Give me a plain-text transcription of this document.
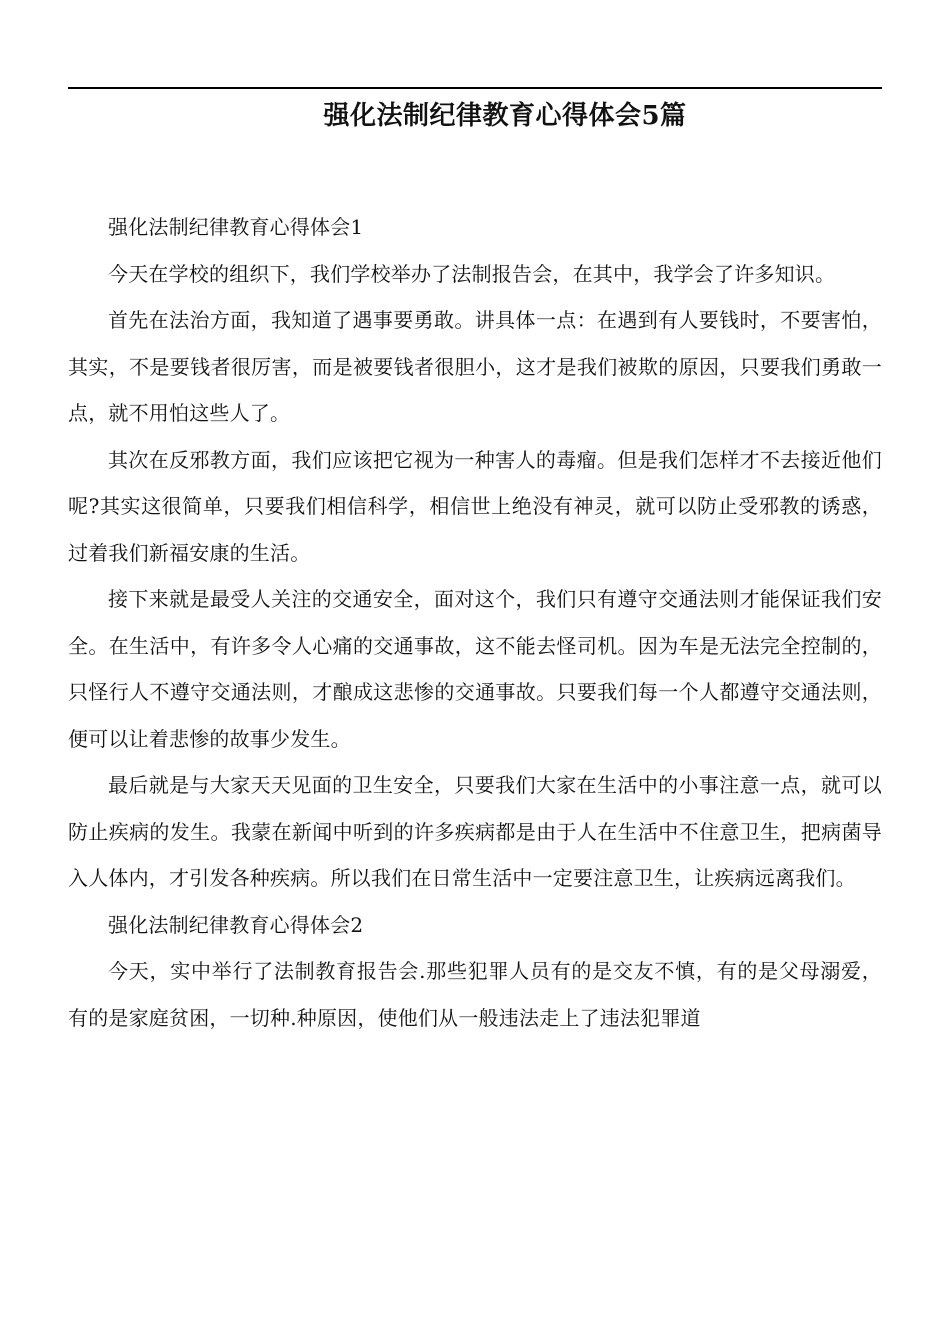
强化法制纪律教育心得体会5篇

强化法制纪律教育心得体会1

今天在学校的组织下，我们学校举办了法制报告会，在其中，我学会了许多知识。

首先在法治方面，我知道了遇事要勇敢。讲具体一点：在遇到有人要钱时，不要害怕，其实，不是要钱者很厉害，而是被要钱者很胆小，这才是我们被欺的原因，只要我们勇敢一点，就不用怕这些人了。

其次在反邪教方面，我们应该把它视为一种害人的毒瘤。但是我们怎样才不去接近他们呢?其实这很简单，只要我们相信科学，相信世上绝没有神灵，就可以防止受邪教的诱惑，过着我们新福安康的生活。

接下来就是最受人关注的交通安全，面对这个，我们只有遵守交通法则才能保证我们安全。在生活中，有许多令人心痛的交通事故，这不能去怪司机。因为车是无法完全控制的，只怪行人不遵守交通法则，才酿成这悲惨的交通事故。只要我们每一个人都遵守交通法则，便可以让着悲惨的故事少发生。

最后就是与大家天天见面的卫生安全，只要我们大家在生活中的小事注意一点，就可以防止疾病的发生。我蒙在新闻中听到的许多疾病都是由于人在生活中不住意卫生，把病菌导入人体内，才引发各种疾病。所以我们在日常生活中一定要注意卫生，让疾病远离我们。

强化法制纪律教育心得体会2

今天，实中举行了法制教育报告会.那些犯罪人员有的是交友不慎，有的是父母溺爱，有的是家庭贫困，一切种.种原因，使他们从一般违法走上了违法犯罪道
